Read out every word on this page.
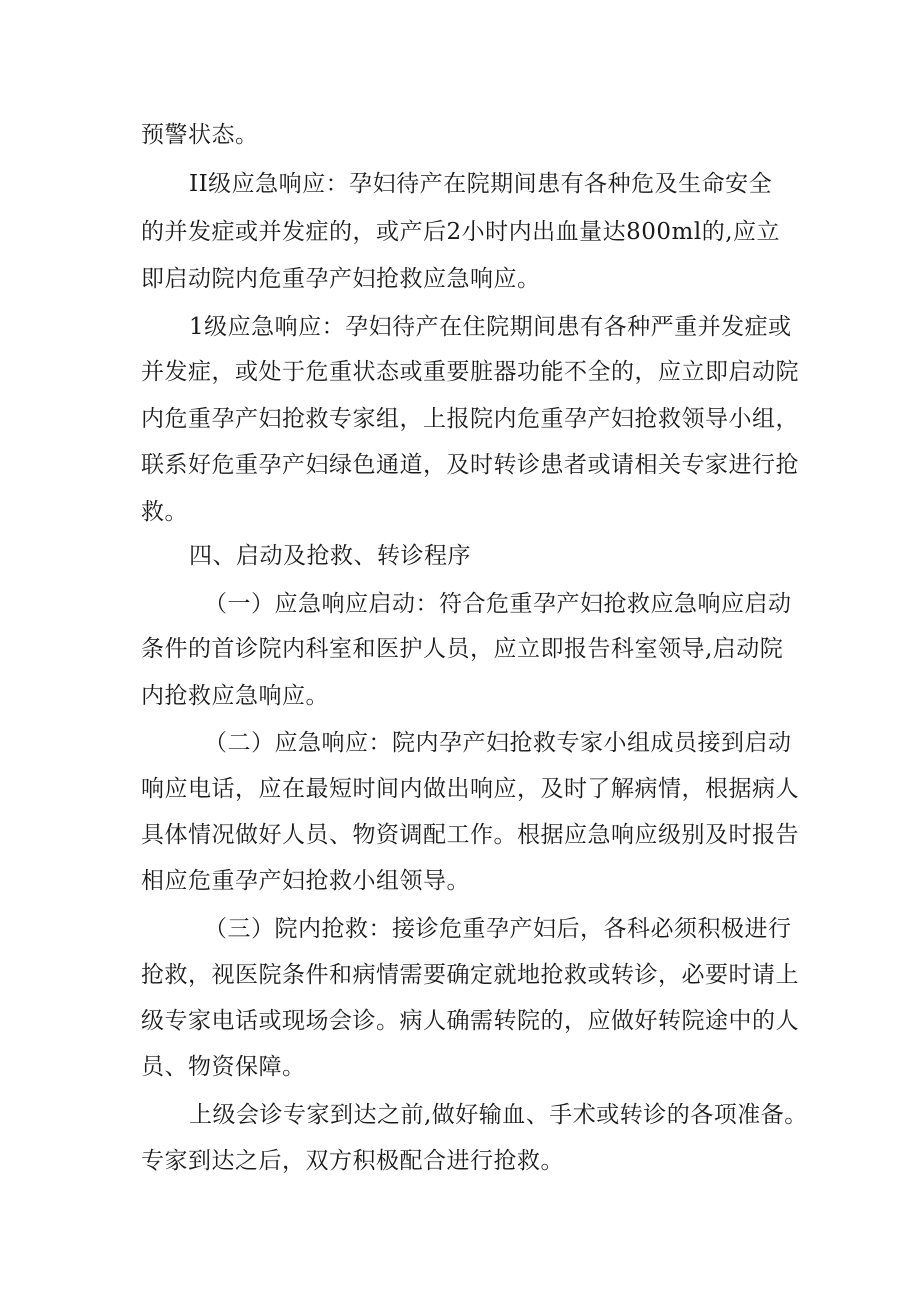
预警状态。
II级应急响应：孕妇待产在院期间患有各种危及生命安全
的并发症或并发症的，或产后2小时内出血量达800ml的,应立
即启动院内危重孕产妇抢救应急响应。
1级应急响应：孕妇待产在住院期间患有各种严重并发症或
并发症，或处于危重状态或重要脏器功能不全的，应立即启动院
内危重孕产妇抢救专家组，上报院内危重孕产妇抢救领导小组，
联系好危重孕产妇绿色通道，及时转诊患者或请相关专家进行抢
救。
四、启动及抢救、转诊程序
（一）应急响应启动：符合危重孕产妇抢救应急响应启动
条件的首诊院内科室和医护人员，应立即报告科室领导,启动院
内抢救应急响应。
（二）应急响应：院内孕产妇抢救专家小组成员接到启动
响应电话，应在最短时间内做出响应，及时了解病情，根据病人
具体情况做好人员、物资调配工作。根据应急响应级别及时报告
相应危重孕产妇抢救小组领导。
（三）院内抢救：接诊危重孕产妇后，各科必须积极进行
抢救，视医院条件和病情需要确定就地抢救或转诊，必要时请上
级专家电话或现场会诊。病人确需转院的，应做好转院途中的人
员、物资保障。
上级会诊专家到达之前,做好输血、手术或转诊的各项准备。
专家到达之后，双方积极配合进行抢救。
